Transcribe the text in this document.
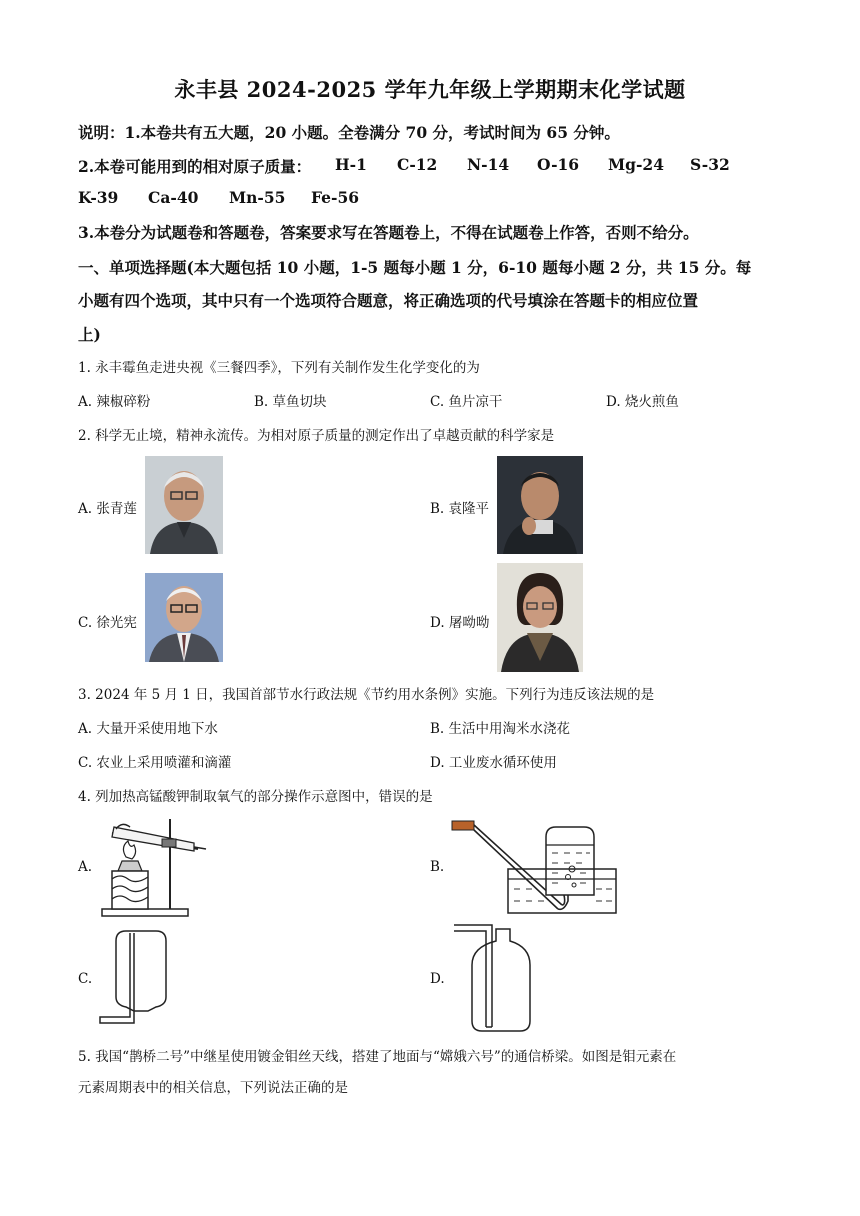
永丰县 2024-2025 学年九年级上学期期末化学试题
说明：1.本卷共有五大题，20 小题。全卷满分 70 分，考试时间为 65 分钟。
2.本卷可能用到的相对原子质量： H-1 C-12 N-14 O-16 Mg-24 S-32
K-39 Ca-40 Mn-55 Fe-56
3.本卷分为试题卷和答题卷，答案要求写在答题卷上，不得在试题卷上作答，否则不给分。
一、单项选择题(本大题包括 10 小题，1-5 题每小题 1 分，6-10 题每小题 2 分，共 15 分。每
小题有四个选项，其中只有一个选项符合题意，将正确选项的代号填涂在答题卡的相应位置
上)
1. 永丰霉鱼走进央视《三餐四季》，下列有关制作发生化学变化的为
A. 辣椒碎粉	B. 草鱼切块	C. 鱼片凉干	D. 烧火煎鱼
2. 科学无止境，精神永流传。为相对原子质量的测定作出了卓越贡献的科学家是
A. 张青莲	B. 袁隆平
C. 徐光宪	D. 屠呦呦
3. 2024 年 5 月 1 日，我国首部节水行政法规《节约用水条例》实施。下列行为违反该法规的是
A. 大量开采使用地下水	B. 生活中用淘米水浇花
C. 农业上采用喷灌和滴灌	D. 工业废水循环使用
4. 列加热高锰酸钾制取氧气的部分操作示意图中，错误的是
A.	B.
C.	D.
5. 我国“鹊桥二号”中继星使用镀金钼丝天线，搭建了地面与“嫦娥六号”的通信桥梁。如图是钼元素在
元素周期表中的相关信息，下列说法正确的是
